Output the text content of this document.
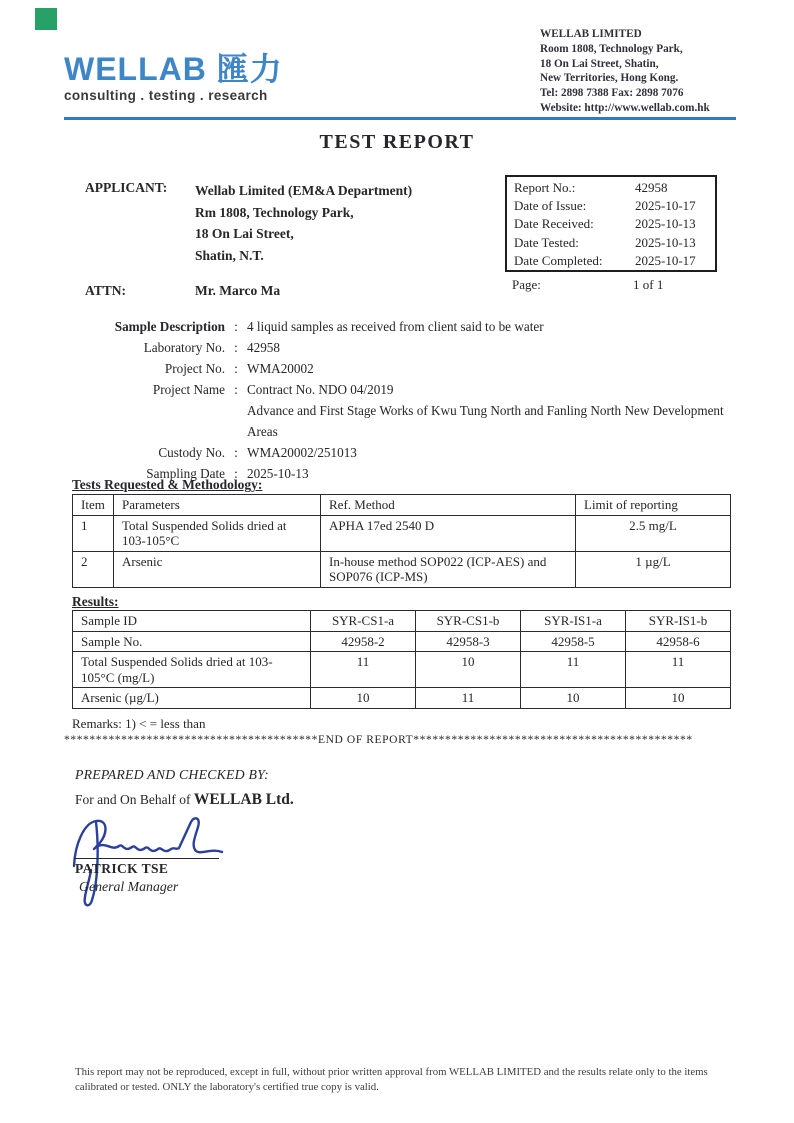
WELLAB 匯力
consulting . testing . research
WELLAB LIMITED
Room 1808, Technology Park,
18 On Lai Street, Shatin,
New Territories, Hong Kong.
Tel: 2898 7388 Fax: 2898 7076
Website: http://www.wellab.com.hk
TEST REPORT
APPLICANT: Wellab Limited (EM&A Department)
Rm 1808, Technology Park,
18 On Lai Street,
Shatin, N.T.
Report No.:	42958
Date of Issue:	2025-10-17
Date Received:	2025-10-13
Date Tested:	2025-10-13
Date Completed:	2025-10-17
Page:	1 of 1
ATTN:	Mr. Marco Ma
Sample Description : 4 liquid samples as received from client said to be water
Laboratory No. : 42958
Project No. : WMA20002
Project Name : Contract No. NDO 04/2019
Advance and First Stage Works of Kwu Tung North and Fanling North New Development Areas
Custody No. : WMA20002/251013
Sampling Date : 2025-10-13
Tests Requested & Methodology:
Item	Parameters	Ref. Method	Limit of reporting
1	Total Suspended Solids dried at 103-105°C	APHA 17ed 2540 D	2.5 mg/L
2	Arsenic	In-house method SOP022 (ICP-AES) and SOP076 (ICP-MS)	1 µg/L
Results:
Sample ID	SYR-CS1-a	SYR-CS1-b	SYR-IS1-a	SYR-IS1-b
Sample No.	42958-2	42958-3	42958-5	42958-6
Total Suspended Solids dried at 103-105°C (mg/L)	11	10	11	11
Arsenic (µg/L)	10	11	10	10
Remarks: 1) < = less than
****************************************END OF REPORT********************************************
PREPARED AND CHECKED BY:
For and On Behalf of WELLAB Ltd.
PATRICK TSE
General Manager
This report may not be reproduced, except in full, without prior written approval from WELLAB LIMITED and the results relate only to the items calibrated or tested. ONLY the laboratory's certified true copy is valid.
